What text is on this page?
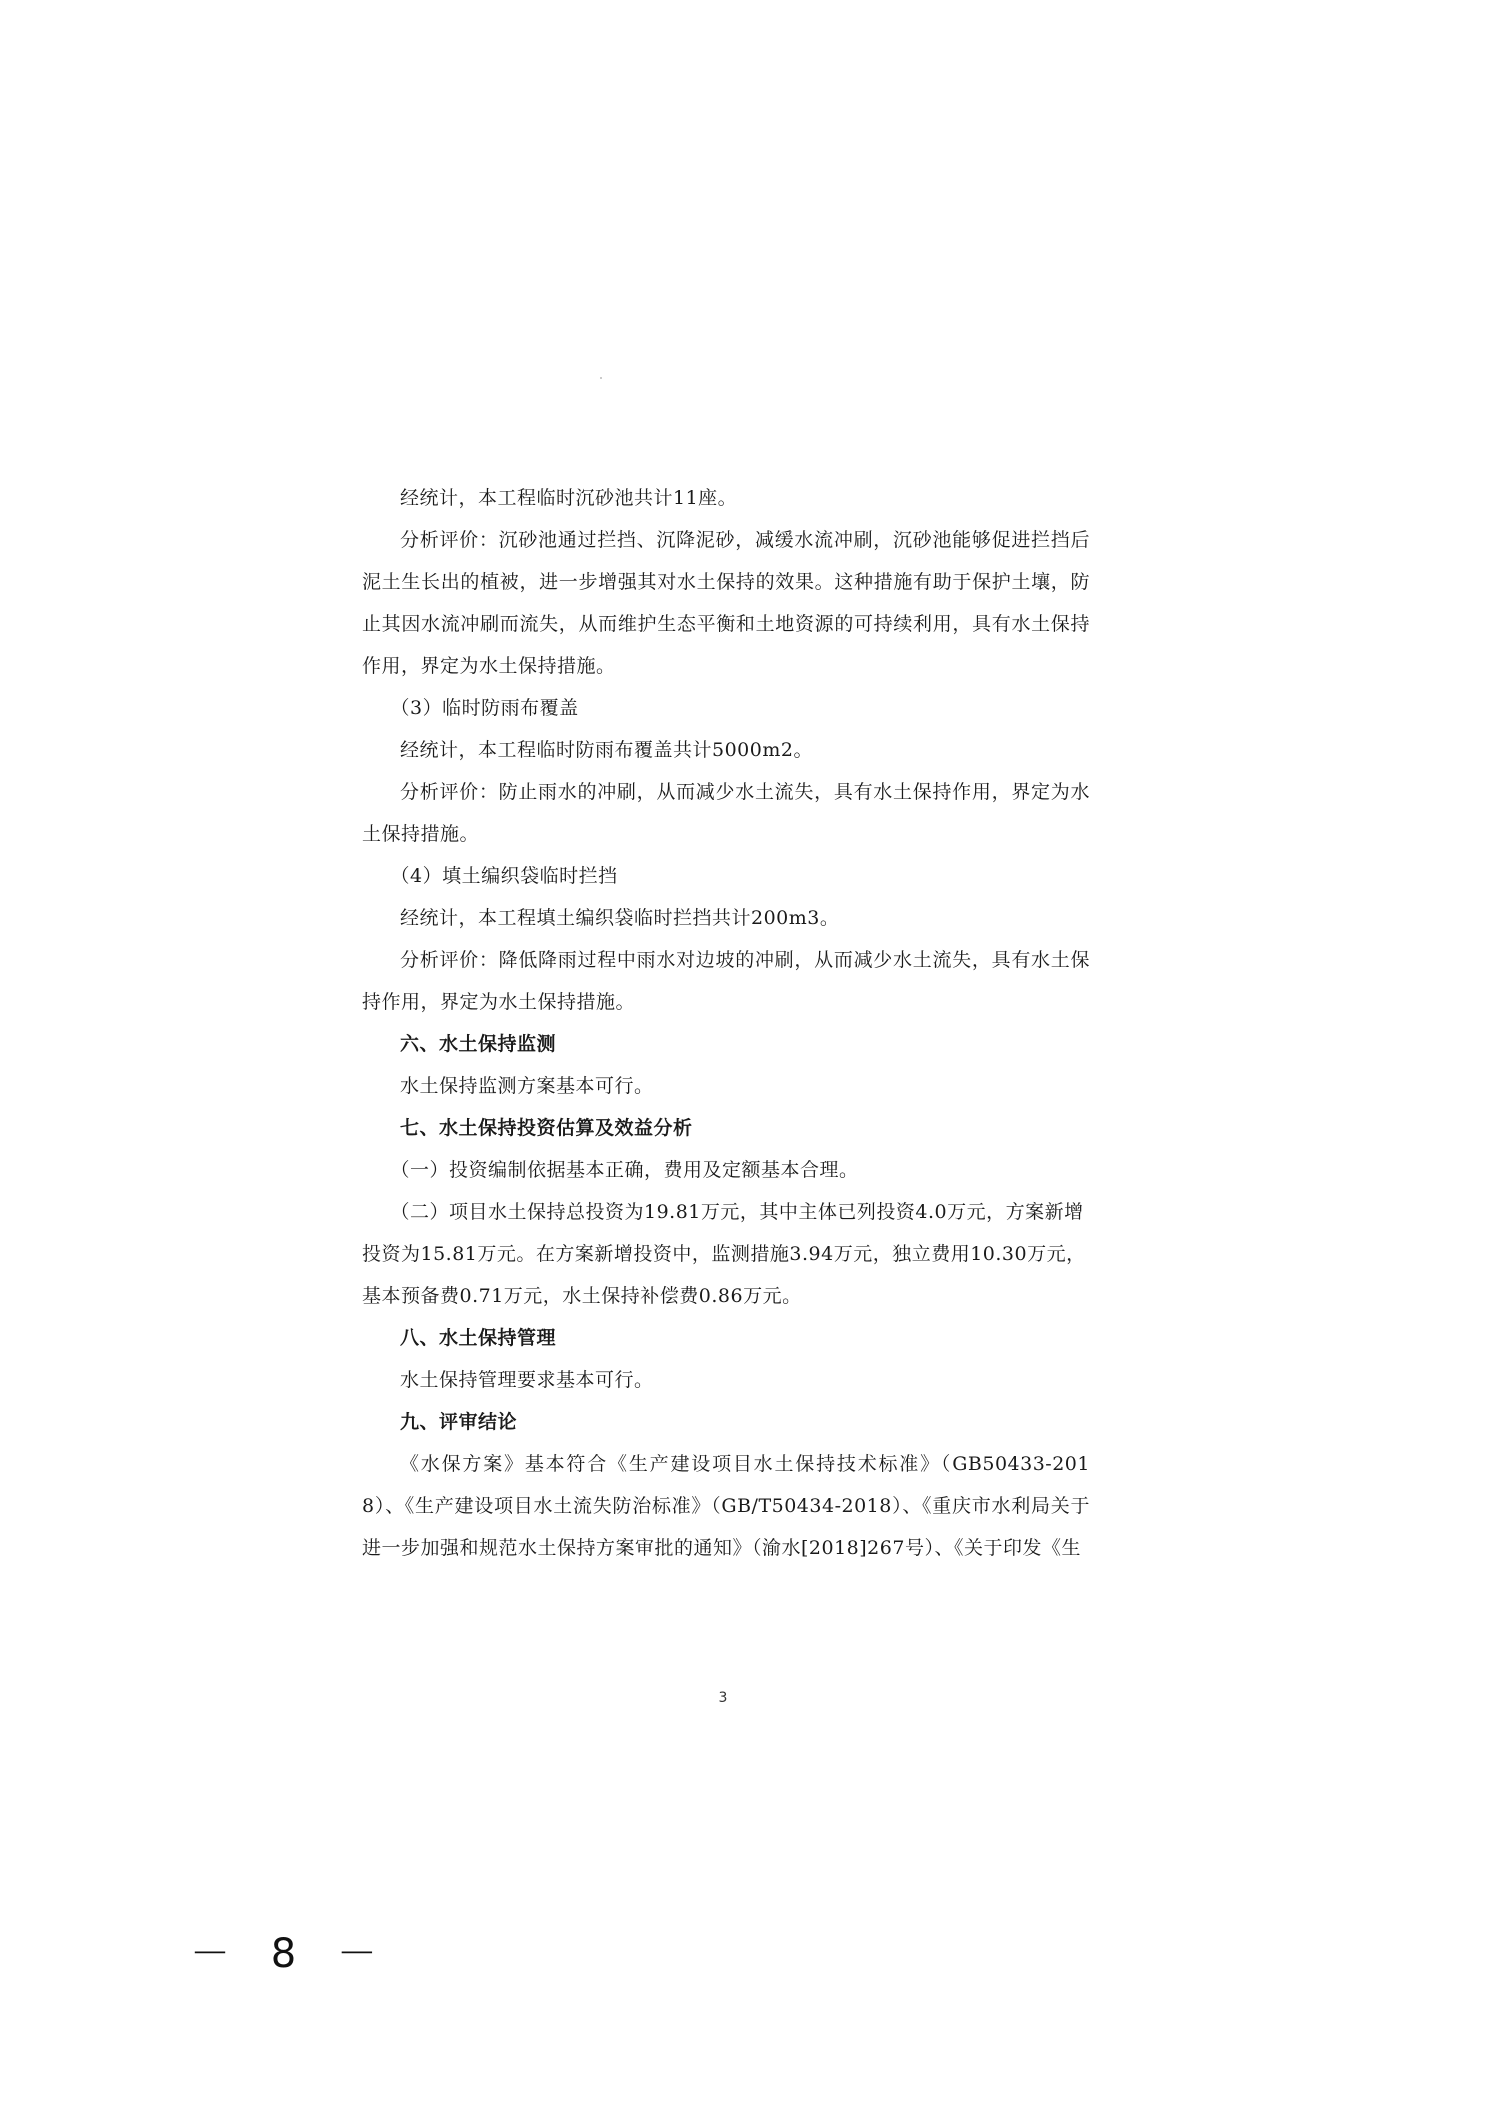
经统计，本工程临时沉砂池共计11座。

分析评价：沉砂池通过拦挡、沉降泥砂，减缓水流冲刷，沉砂池能够促进拦挡后泥土生长出的植被，进一步增强其对水土保持的效果。这种措施有助于保护土壤，防止其因水流冲刷而流失，从而维护生态平衡和土地资源的可持续利用，具有水土保持作用，界定为水土保持措施。

（3）临时防雨布覆盖

经统计，本工程临时防雨布覆盖共计5000m2。

分析评价：防止雨水的冲刷，从而减少水土流失，具有水土保持作用，界定为水土保持措施。

（4）填土编织袋临时拦挡

经统计，本工程填土编织袋临时拦挡共计200m3。

分析评价：降低降雨过程中雨水对边坡的冲刷，从而减少水土流失，具有水土保持作用，界定为水土保持措施。

六、水土保持监测

水土保持监测方案基本可行。

七、水土保持投资估算及效益分析

（一）投资编制依据基本正确，费用及定额基本合理。

（二）项目水土保持总投资为19.81万元，其中主体已列投资4.0万元，方案新增投资为15.81万元。在方案新增投资中，监测措施3.94万元，独立费用10.30万元，基本预备费0.71万元，水土保持补偿费0.86万元。

八、水土保持管理

水土保持管理要求基本可行。

九、评审结论

《水保方案》基本符合《生产建设项目水土保持技术标准》（GB50433-2018）、《生产建设项目水土流失防治标准》（GB/T50434-2018）、《重庆市水利局关于进一步加强和规范水土保持方案审批的通知》（渝水[2018]267号）、《关于印发《生

3
－ 8 －
